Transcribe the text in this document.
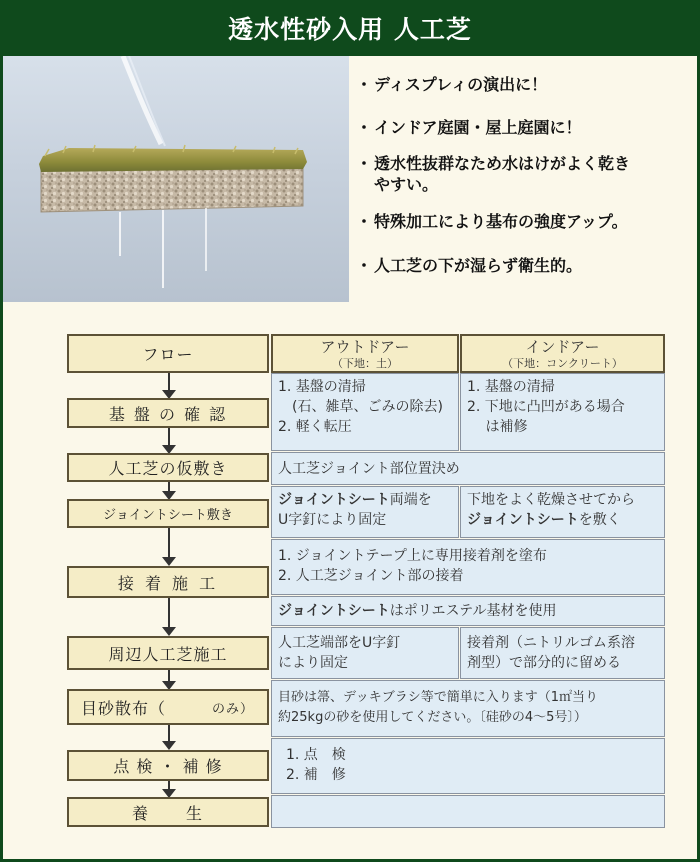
透水性砂入用 人工芝
・ ディスプレィの演出に！
・ インドア庭園・屋上庭園に！
・ 透水性抜群なため水はけがよく乾き
やすい。
・ 特殊加工により基布の強度アップ。
・ 人工芝の下が湿らず衛生的。
フロー	アウトドアー
（下地：土）
インドアー
（下地：コンクリート）
基 盤 の 確 認
人工芝の仮敷き
ジョイントシート敷き
接 着 施 工
周辺人工芝施工
目砂散布（	のみ）
点 検 ・ 補 修
養　　生
1. 基盤の清掃
　(石、雑草、ごみの除去)
2. 軽く転圧
1. 基盤の清掃
2. 下地に凸凹がある場合
　 は補修
人工芝ジョイント部位置決め
ジョイントシート両端を
U字釘により固定
下地をよく乾燥させてから
ジョイントシートを敷く
1. ジョイントテープ上に専用接着剤を塗布
2. 人工芝ジョイント部の接着
ジョイントシートはポリエステル基材を使用
人工芝端部をU字釘
により固定
接着剤（ニトリルゴム系溶
剤型）で部分的に留める
目砂は箒、デッキブラシ等で簡単に入ります（1㎡当り
約25kgの砂を使用してください。〔硅砂の4～5号〕）
1. 点　検
2. 補　修
